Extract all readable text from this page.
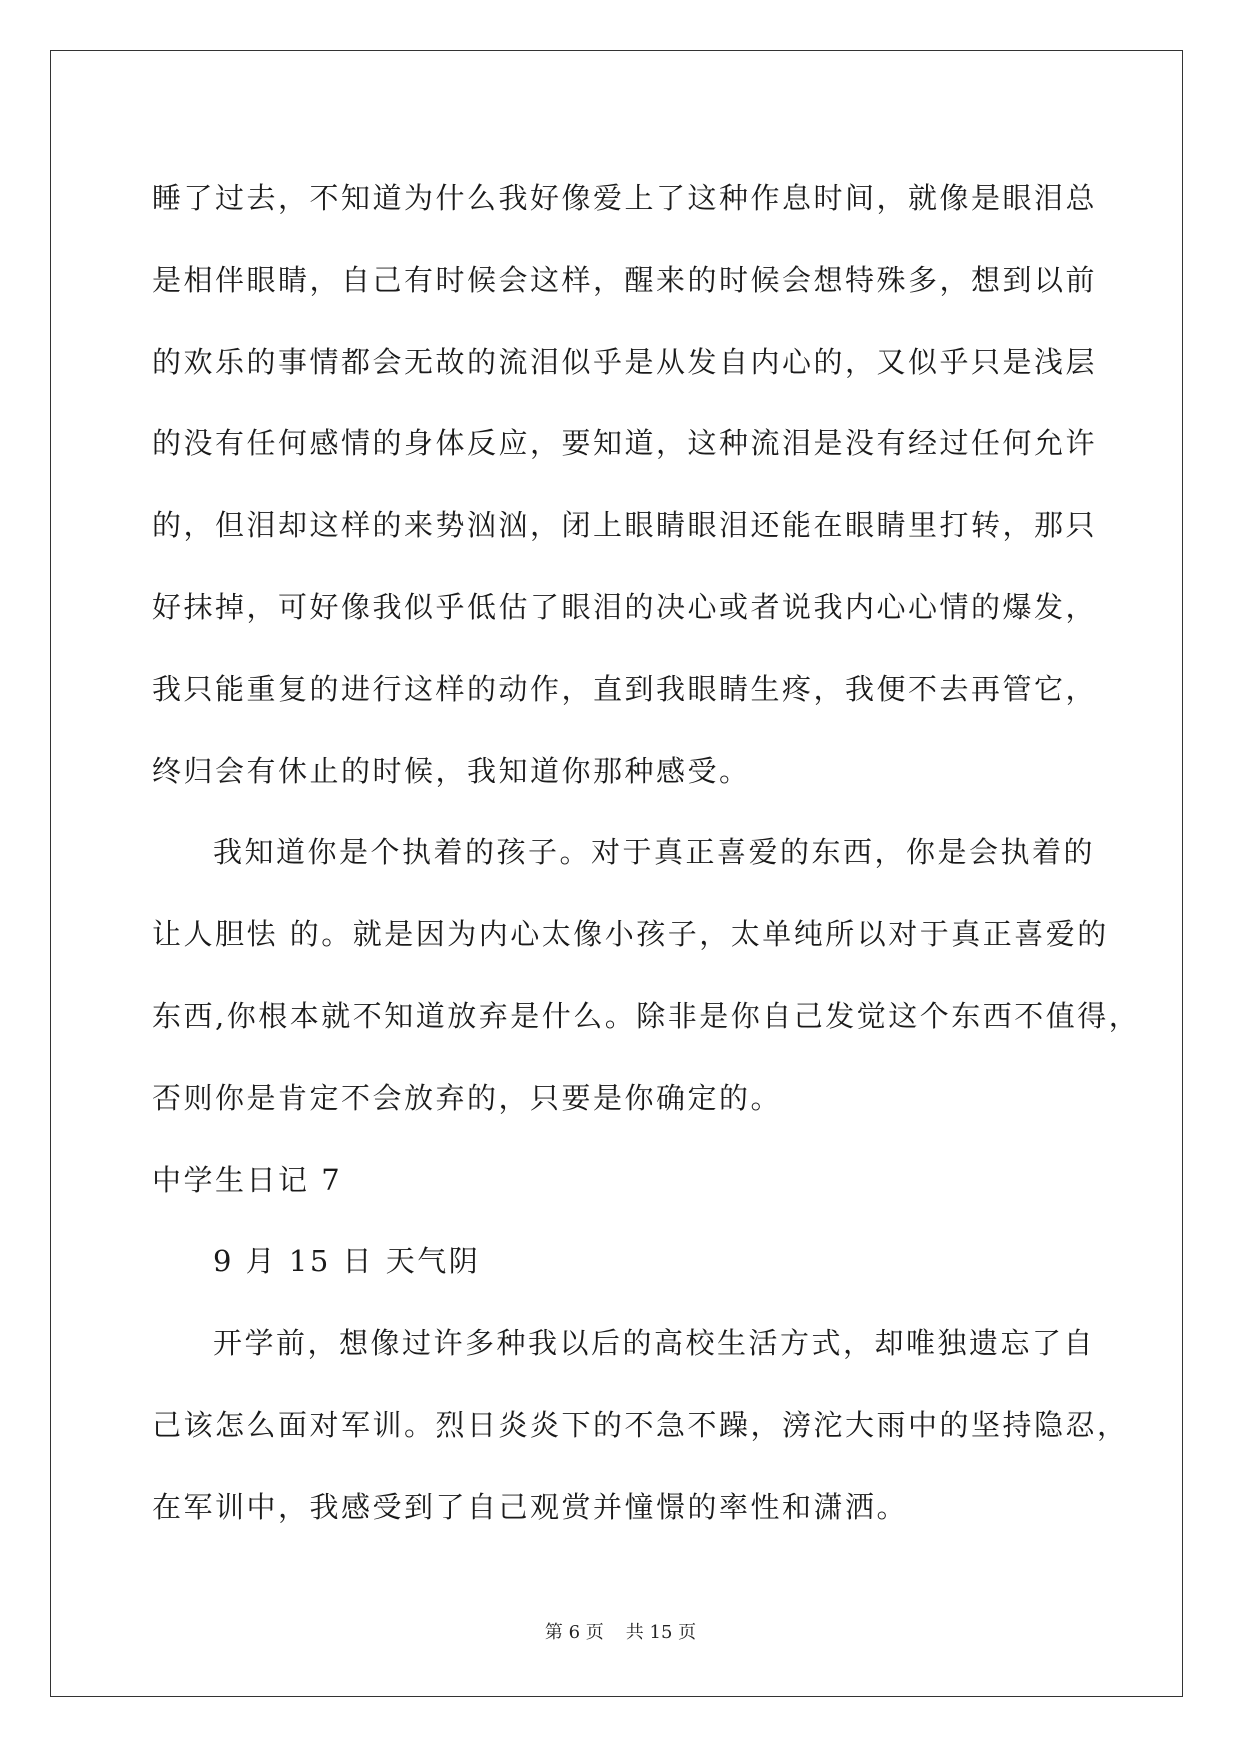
睡了过去，不知道为什么我好像爱上了这种作息时间，就像是眼泪总
是相伴眼睛，自己有时候会这样，醒来的时候会想特殊多，想到以前
的欢乐的事情都会无故的流泪似乎是从发自内心的，又似乎只是浅层
的没有任何感情的身体反应，要知道，这种流泪是没有经过任何允许
的，但泪却这样的来势汹汹，闭上眼睛眼泪还能在眼睛里打转，那只
好抹掉，可好像我似乎低估了眼泪的决心或者说我内心心情的爆发，
我只能重复的进行这样的动作，直到我眼睛生疼，我便不去再管它，
终归会有休止的时候，我知道你那种感受。
我知道你是个执着的孩子。对于真正喜爱的东西，你是会执着的
让人胆怯 的。就是因为内心太像小孩子，太单纯所以对于真正喜爱的
东西,你根本就不知道放弃是什么。除非是你自己发觉这个东西不值得，
否则你是肯定不会放弃的，只要是你确定的。
中学生日记 7
9 月 15 日 天气阴
开学前，想像过许多种我以后的高校生活方式，却唯独遗忘了自
己该怎么面对军训。烈日炎炎下的不急不躁，滂沱大雨中的坚持隐忍，
在军训中，我感受到了自己观赏并憧憬的率性和潇洒。
第 6 页 共 15 页
